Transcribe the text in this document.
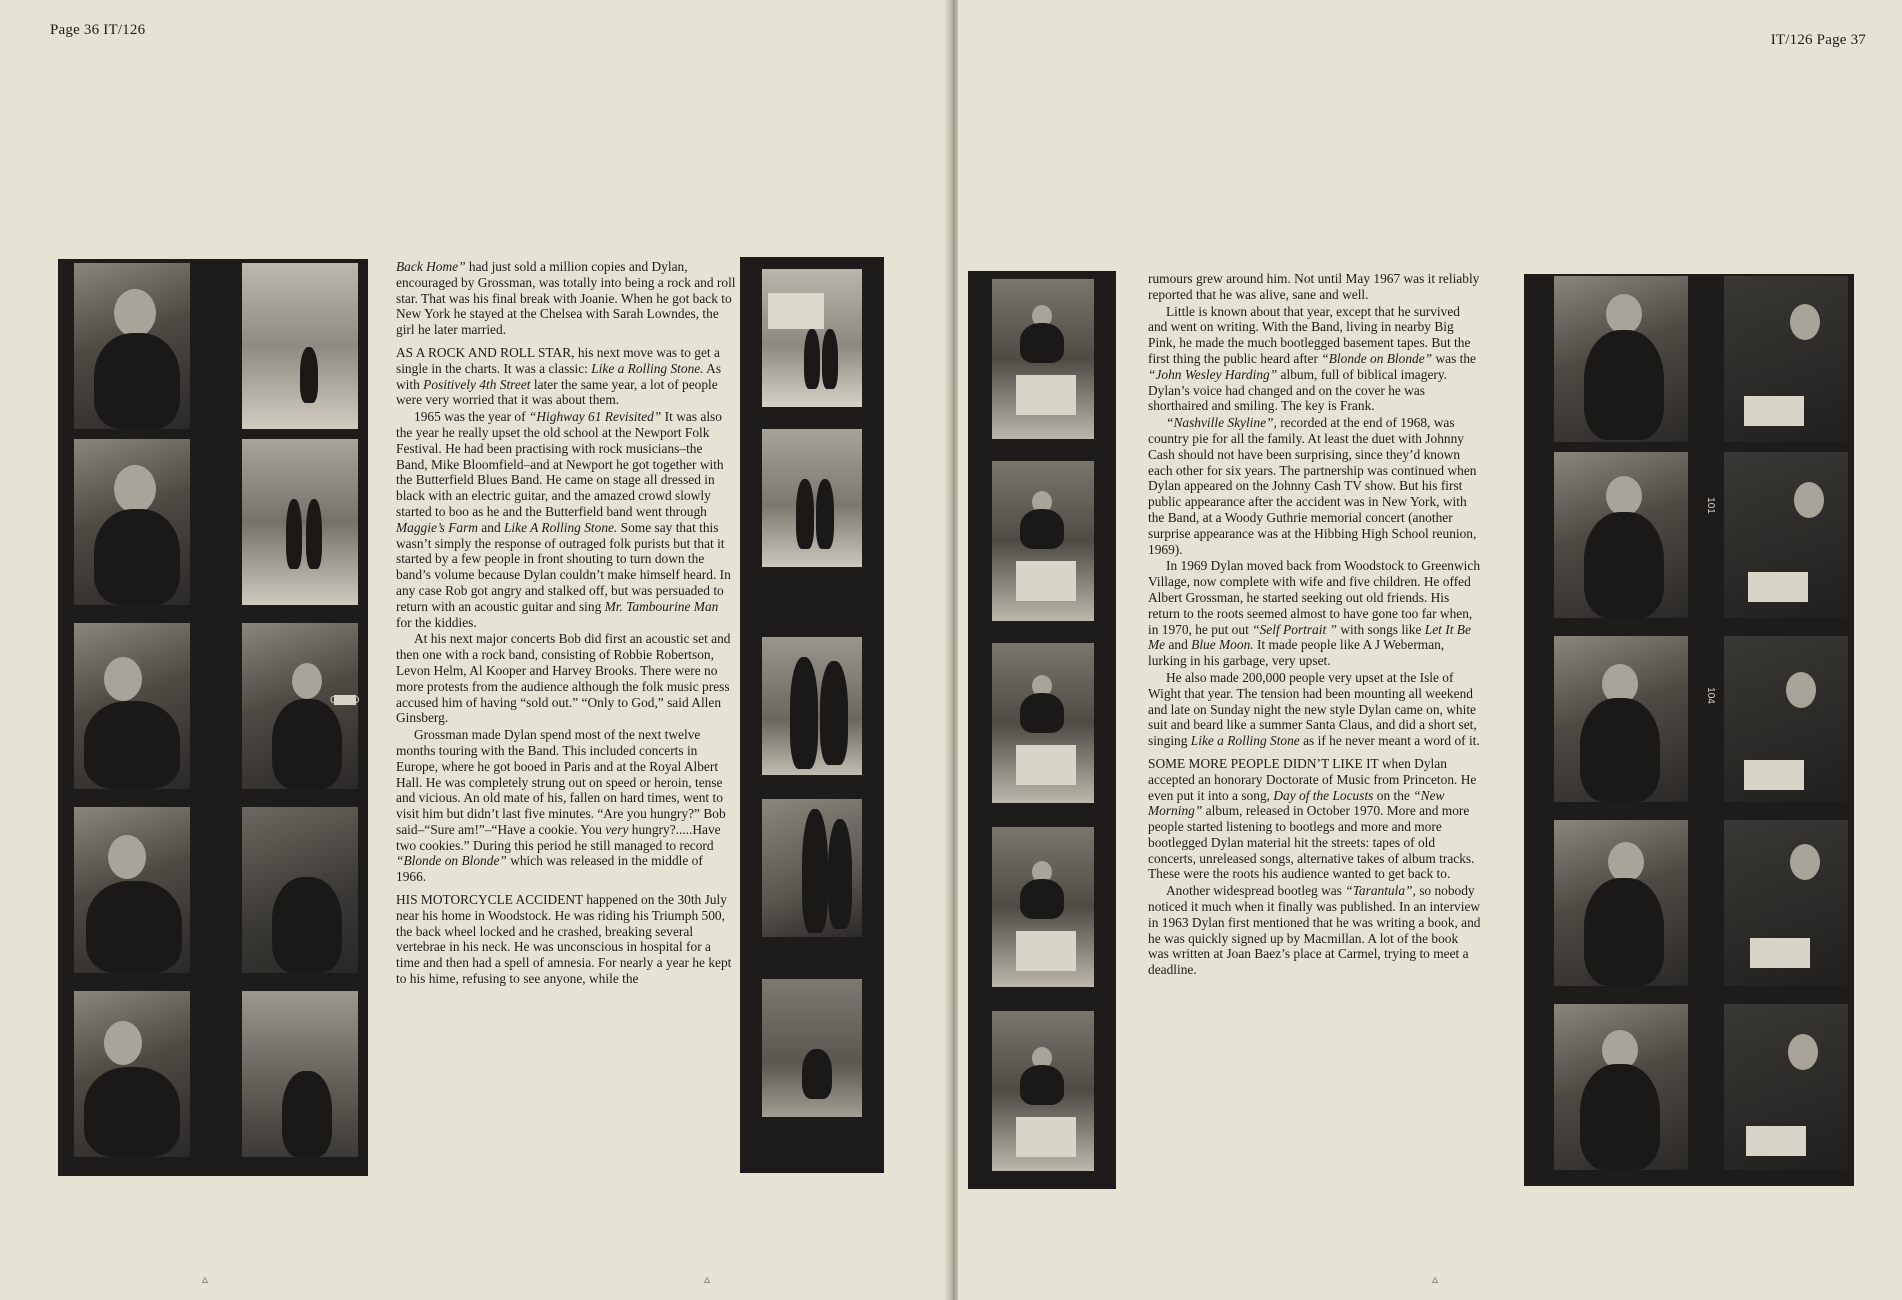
Page 36 IT/126
CORD

Back Home” had just sold a million copies and Dylan, encouraged by Grossman, was totally into being a rock and roll star. That was his final break with Joanie. When he got back to New York he stayed at the Chelsea with Sarah Lowndes, the girl he later married.

AS A ROCK AND ROLL STAR, his next move was to get a single in the charts. It was a classic: Like a Rolling Stone. As with Positively 4th Street later the same year, a lot of people were very worried that it was about them.

1965 was the year of “Highway 61 Revisited” It was also the year he really upset the old school at the Newport Folk Festival. He had been practising with rock musicians–the Band, Mike Bloomfield–and at Newport he got together with the Butterfield Blues Band. He came on stage all dressed in black with an electric guitar, and the amazed crowd slowly started to boo as he and the Butterfield band went through Maggie’s Farm and Like A Rolling Stone. Some say that this wasn’t simply the response of outraged folk purists but that it started by a few people in front shouting to turn down the band’s volume because Dylan couldn’t make himself heard. In any case Rob got angry and stalked off, but was persuaded to return with an acoustic guitar and sing Mr. Tambourine Man for the kiddies.

At his next major concerts Bob did first an acoustic set and then one with a rock band, consisting of Robbie Robertson, Levon Helm, Al Kooper and Harvey Brooks. There were no more protests from the audience although the folk music press accused him of having “sold out.” “Only to God,” said Allen Ginsberg.

Grossman made Dylan spend most of the next twelve months touring with the Band. This included concerts in Europe, where he got booed in Paris and at the Royal Albert Hall. He was completely strung out on speed or heroin, tense and vicious. An old mate of his, fallen on hard times, went to visit him but didn’t last five minutes. “Are you hungry?” Bob said–“Sure am!”–“Have a cookie. You very hungry?.....Have two cookies.” During this period he still managed to record “Blonde on Blonde” which was released in the middle of 1966.

HIS MOTORCYCLE ACCIDENT happened on the 30th July near his home in Woodstock. He was riding his Triumph 500, the back wheel locked and he crashed, breaking several vertebrae in his neck. He was unconscious in hospital for a time and then had a spell of amnesia. For nearly a year he kept to his hime, refusing to see anyone, while the

▵	▵
IT/126 Page 37

rumours grew around him. Not until May 1967 was it reliably reported that he was alive, sane and well.

Little is known about that year, except that he survived and went on writing. With the Band, living in nearby Big Pink, he made the much bootlegged basement tapes. But the first thing the public heard after “Blonde on Blonde” was the “John Wesley Harding” album, full of biblical imagery. Dylan’s voice had changed and on the cover he was shorthaired and smiling. The key is Frank.

“Nashville Skyline”, recorded at the end of 1968, was country pie for all the family. At least the duet with Johnny Cash should not have been surprising, since they’d known each other for six years. The partnership was continued when Dylan appeared on the Johnny Cash TV show. But his first public appearance after the accident was in New York, with the Band, at a Woody Guthrie memorial concert (another surprise appearance was at the Hibbing High School reunion, 1969).

In 1969 Dylan moved back from Woodstock to Greenwich Village, now complete with wife and five children. He offed Albert Grossman, he started seeking out old friends. His return to the roots seemed almost to have gone too far when, in 1970, he put out “Self Portrait ” with songs like Let It Be Me and Blue Moon. It made people like A J Weberman, lurking in his garbage, very upset.

He also made 200,000 people very upset at the Isle of Wight that year. The tension had been mounting all weekend and late on Sunday night the new style Dylan came on, white suit and beard like a summer Santa Claus, and did a short set, singing Like a Rolling Stone as if he never meant a word of it.

SOME MORE PEOPLE DIDN’T LIKE IT when Dylan accepted an honorary Doctorate of Music from Princeton. He even put it into a song, Day of the Locusts on the “New Morning” album, released in October 1970. More and more people started listening to bootlegs and more and more bootlegged Dylan material hit the streets: tapes of old concerts, unreleased songs, alternative takes of album tracks. These were the roots his audience wanted to get back to.

Another widespread bootleg was “Tarantula”, so nobody noticed it much when it finally was published. In an interview in 1963 Dylan first mentioned that he was writing a book, and he was quickly signed up by Macmillan. A lot of the book was written at Joan Baez’s place at Carmel, trying to meet a deadline.

101
104
▵
